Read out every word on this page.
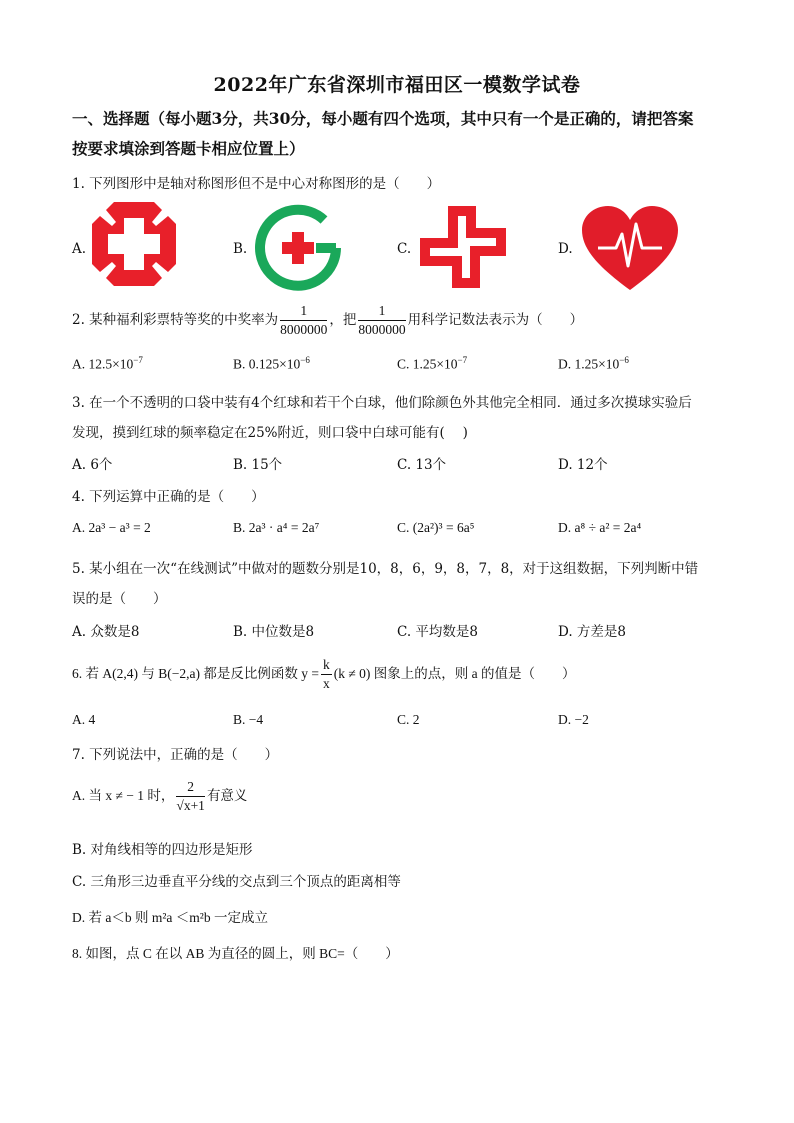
2022年广东省深圳市福田区一模数学试卷
一、选择题（每小题3分，共30分，每小题有四个选项，其中只有一个是正确的，请把答案
按要求填涂到答题卡相应位置上）
1. 下列图形中是轴对称图形但不是中心对称图形的是（　　）
A.	B.	C.	D.
2. 某种福利彩票特等奖的中奖率为 $\frac{1}{8000000}$ ，把 $\frac{1}{8000000}$ 用科学记数法表示为（　　）
A. $12.5\times 10^{-7}$	B. $0.125\times 10^{-6}$	C. $1.25\times 10^{-7}$	D. $1.25\times 10^{-6}$
3. 在一个不透明的口袋中装有4个红球和若干个白球，他们除颜色外其他完全相同．通过多次摸球实验后
发现，摸到红球的频率稳定在25%附近，则口袋中白球可能有(　 )
A. 6个	B. 15个	C. 13个	D. 12个
4. 下列运算中正确的是（　　）
A. 2a³ − a³ = 2	B. 2a³ · a⁴ = 2a⁷	C. (2a²)³ = 6a⁵	D. a⁸ ÷ a² = 2a⁴
5. 某小组在一次“在线测试”中做对的题数分别是10，8，6，9，8，7，8，对于这组数据，下列判断中错
误的是（　　）
A. 众数是8	B. 中位数是8	C. 平均数是8	D. 方差是8
6. 若 A(2,4) 与 B(−2,a) 都是反比例函数 $y = \frac{k}{x} (k \ne 0)$ 图象上的点，则 a 的值是（　　）
A. 4	B. −4	C. 2	D. −2
7. 下列说法中，正确的是（　　）
A. 当 x ≠ − 1 时， $\frac{2}{√x+1}$ 有意义
B. 对角线相等的四边形是矩形
C. 三角形三边垂直平分线的交点到三个顶点的距离相等
D. 若 a＜b 则 m²a ＜m²b 一定成立
8. 如图，点 C 在以 AB 为直径的圆上，则 BC=（　　）
